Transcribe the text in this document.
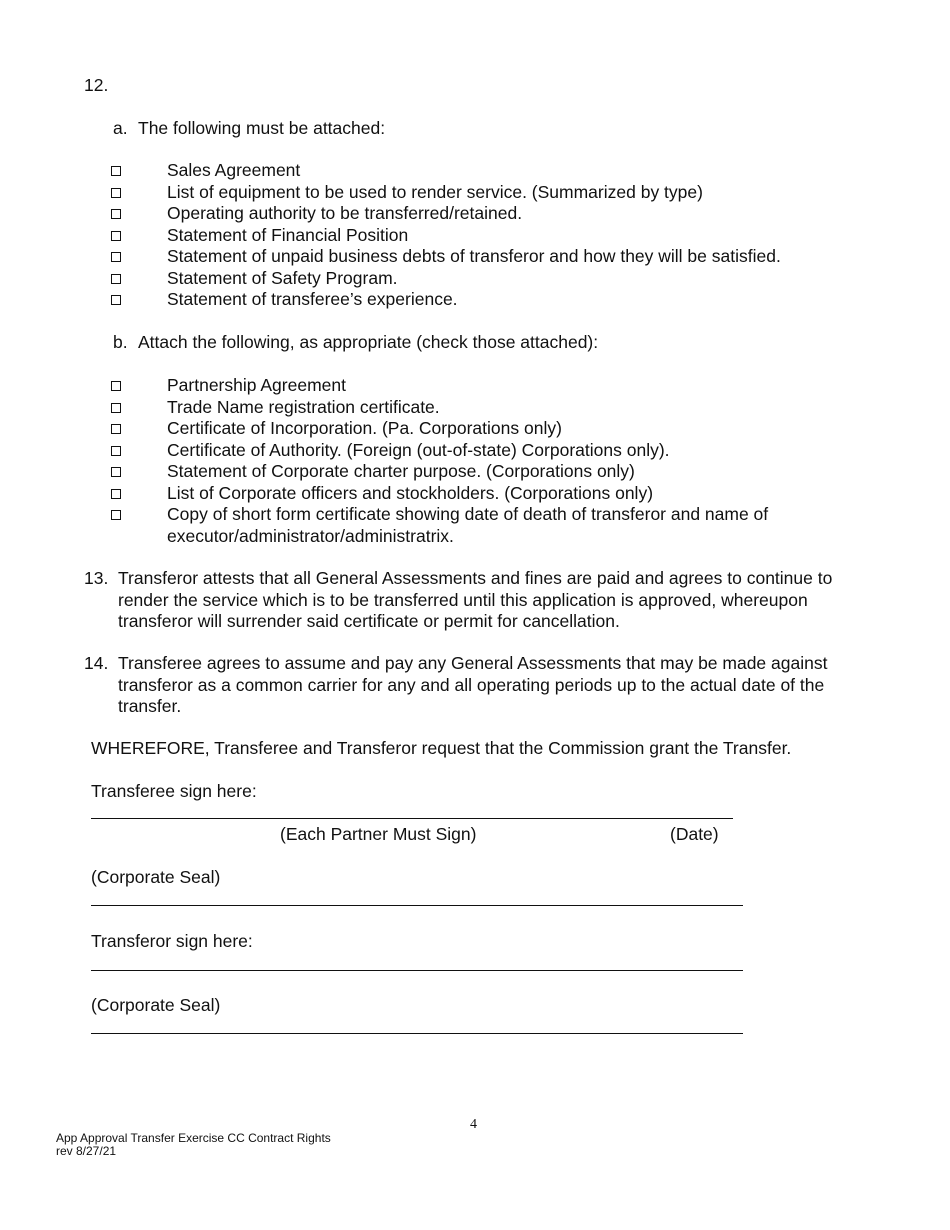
12.
a. The following must be attached:
Sales Agreement
List of equipment to be used to render service. (Summarized by type)
Operating authority to be transferred/retained.
Statement of Financial Position
Statement of unpaid business debts of transferor and how they will be satisfied.
Statement of Safety Program.
Statement of transferee’s experience.
b. Attach the following, as appropriate (check those attached):
Partnership Agreement
Trade Name registration certificate.
Certificate of Incorporation. (Pa. Corporations only)
Certificate of Authority. (Foreign (out-of-state) Corporations only).
Statement of Corporate charter purpose. (Corporations only)
List of Corporate officers and stockholders. (Corporations only)
Copy of short form certificate showing date of death of transferor and name of
executor/administrator/administratrix.
13. Transferor attests that all General Assessments and fines are paid and agrees to continue to
render the service which is to be transferred until this application is approved, whereupon
transferor will surrender said certificate or permit for cancellation.
14. Transferee agrees to assume and pay any General Assessments that may be made against
transferor as a common carrier for any and all operating periods up to the actual date of the
transfer.
WHEREFORE, Transferee and Transferor request that the Commission grant the Transfer.
Transferee sign here:
(Each Partner Must Sign)	(Date)
(Corporate Seal)
Transferor sign here:
(Corporate Seal)
4
App Approval Transfer Exercise CC Contract Rights
rev 8/27/21
